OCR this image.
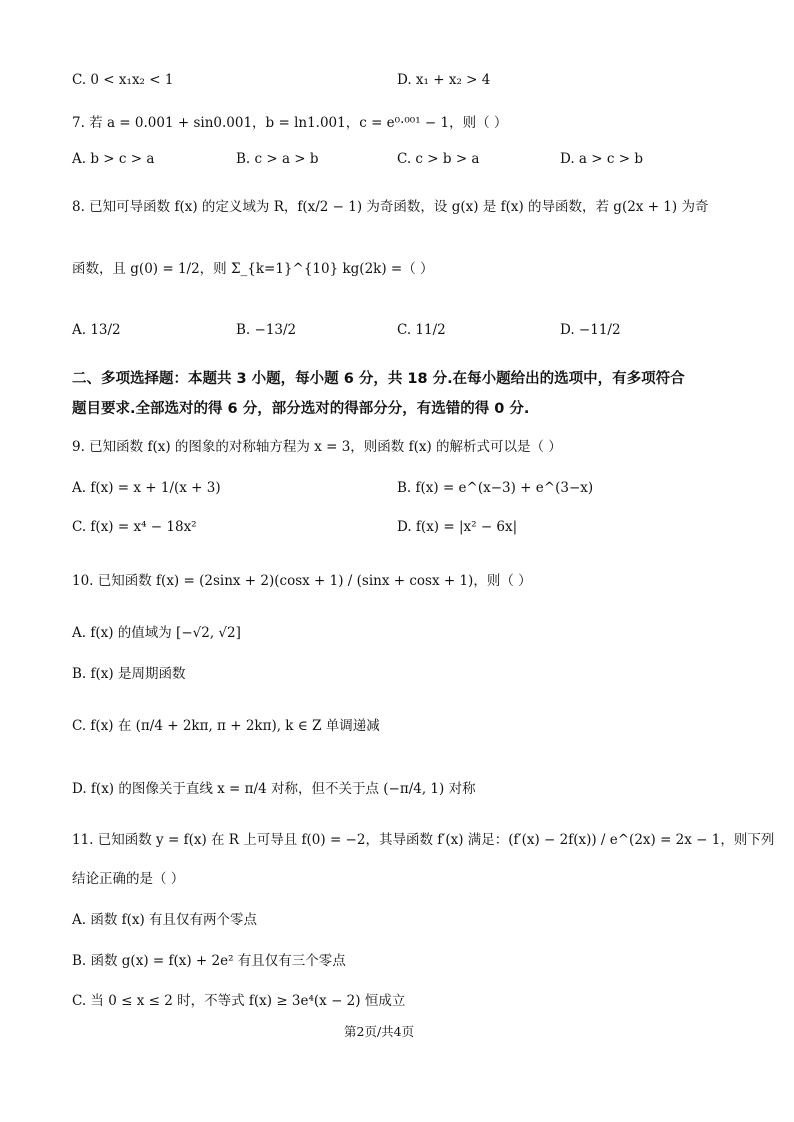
C. 0 < x₁x₂ < 1	D. x₁ + x₂ > 4
7. 若 a = 0.001 + sin0.001，b = ln1.001，c = e⁰·⁰⁰¹ − 1，则（ ）
A. b > c > a	B. c > a > b	C. c > b > a	D. a > c > b
8. 已知可导函数 f(x) 的定义域为 R，f(x/2 − 1) 为奇函数，设 g(x) 是 f(x) 的导函数，若 g(2x + 1) 为奇
函数，且 g(0) = 1/2，则 Σ_{k=1}^{10} kg(2k) =（ ）
A. 13/2	B. −13/2	C. 11/2	D. −11/2
二、多项选择题：本题共 3 小题，每小题 6 分，共 18 分.在每小题给出的选项中，有多项符合
题目要求.全部选对的得 6 分，部分选对的得部分分，有选错的得 0 分.
9. 已知函数 f(x) 的图象的对称轴方程为 x = 3，则函数 f(x) 的解析式可以是（ ）
A. f(x) = x + 1/(x + 3)	B. f(x) = e^(x−3) + e^(3−x)
C. f(x) = x⁴ − 18x²	D. f(x) = |x² − 6x|
10. 已知函数 f(x) = (2sinx + 2)(cosx + 1) / (sinx + cosx + 1)，则（ ）
A. f(x) 的值域为 [−√2, √2]
B. f(x) 是周期函数
C. f(x) 在 (π/4 + 2kπ, π + 2kπ), k ∈ Z 单调递减
D. f(x) 的图像关于直线 x = π/4 对称，但不关于点 (−π/4, 1) 对称
11. 已知函数 y = f(x) 在 R 上可导且 f(0) = −2，其导函数 f′(x) 满足：(f′(x) − 2f(x)) / e^(2x) = 2x − 1，则下列
结论正确的是（ ）
A. 函数 f(x) 有且仅有两个零点
B. 函数 g(x) = f(x) + 2e² 有且仅有三个零点
C. 当 0 ≤ x ≤ 2 时，不等式 f(x) ≥ 3e⁴(x − 2) 恒成立
第2页/共4页
